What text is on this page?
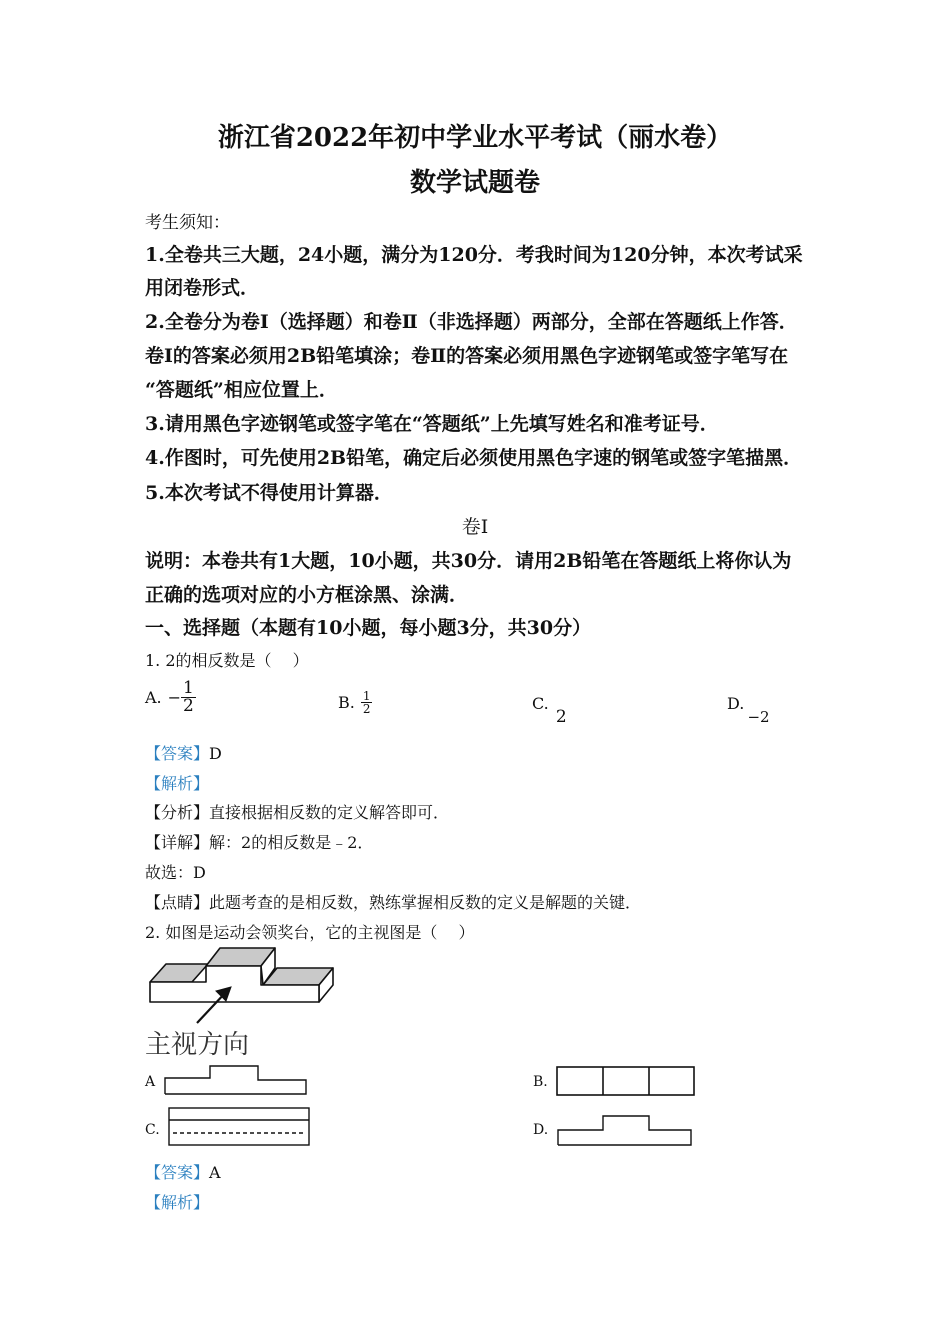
浙江省2022年初中学业水平考试（丽水卷）
数学试题卷
考生须知：
1.全卷共三大题，24小题，满分为120分．考我时间为120分钟，本次考试采
用闭卷形式．
2.全卷分为卷Ⅰ（选择题）和卷Ⅱ（非选择题）两部分，全部在答题纸上作答．
卷Ⅰ的答案必须用2B铅笔填涂；卷Ⅱ的答案必须用黑色字迹钢笔或签字笔写在
“答题纸”相应位置上．
3.请用黑色字迹钢笔或签字笔在“答题纸”上先填写姓名和准考证号．
4.作图时，可先使用2B铅笔，确定后必须使用黑色字速的钢笔或签字笔描黑．
5.本次考试不得使用计算器．
卷Ⅰ
说明：本卷共有1大题，10小题，共30分．请用2B铅笔在答题纸上将你认为
正确的选项对应的小方框涂黑、涂满．
一、选择题（本题有10小题，每小题3分，共30分）
1. 2的相反数是（　 ）
A. − $\frac{1}{2}$	B. $\frac{1}{2}$	C. 2
D. −2
【答案】D
【解析】
【分析】直接根据相反数的定义解答即可．
【详解】解：2的相反数是﹣2．
故选：D
【点睛】此题考查的是相反数，熟练掌握相反数的定义是解题的关键．
2. 如图是运动会领奖台，它的主视图是（　 ）
主视方向
A	B.
C.	D.
【答案】A
【解析】
